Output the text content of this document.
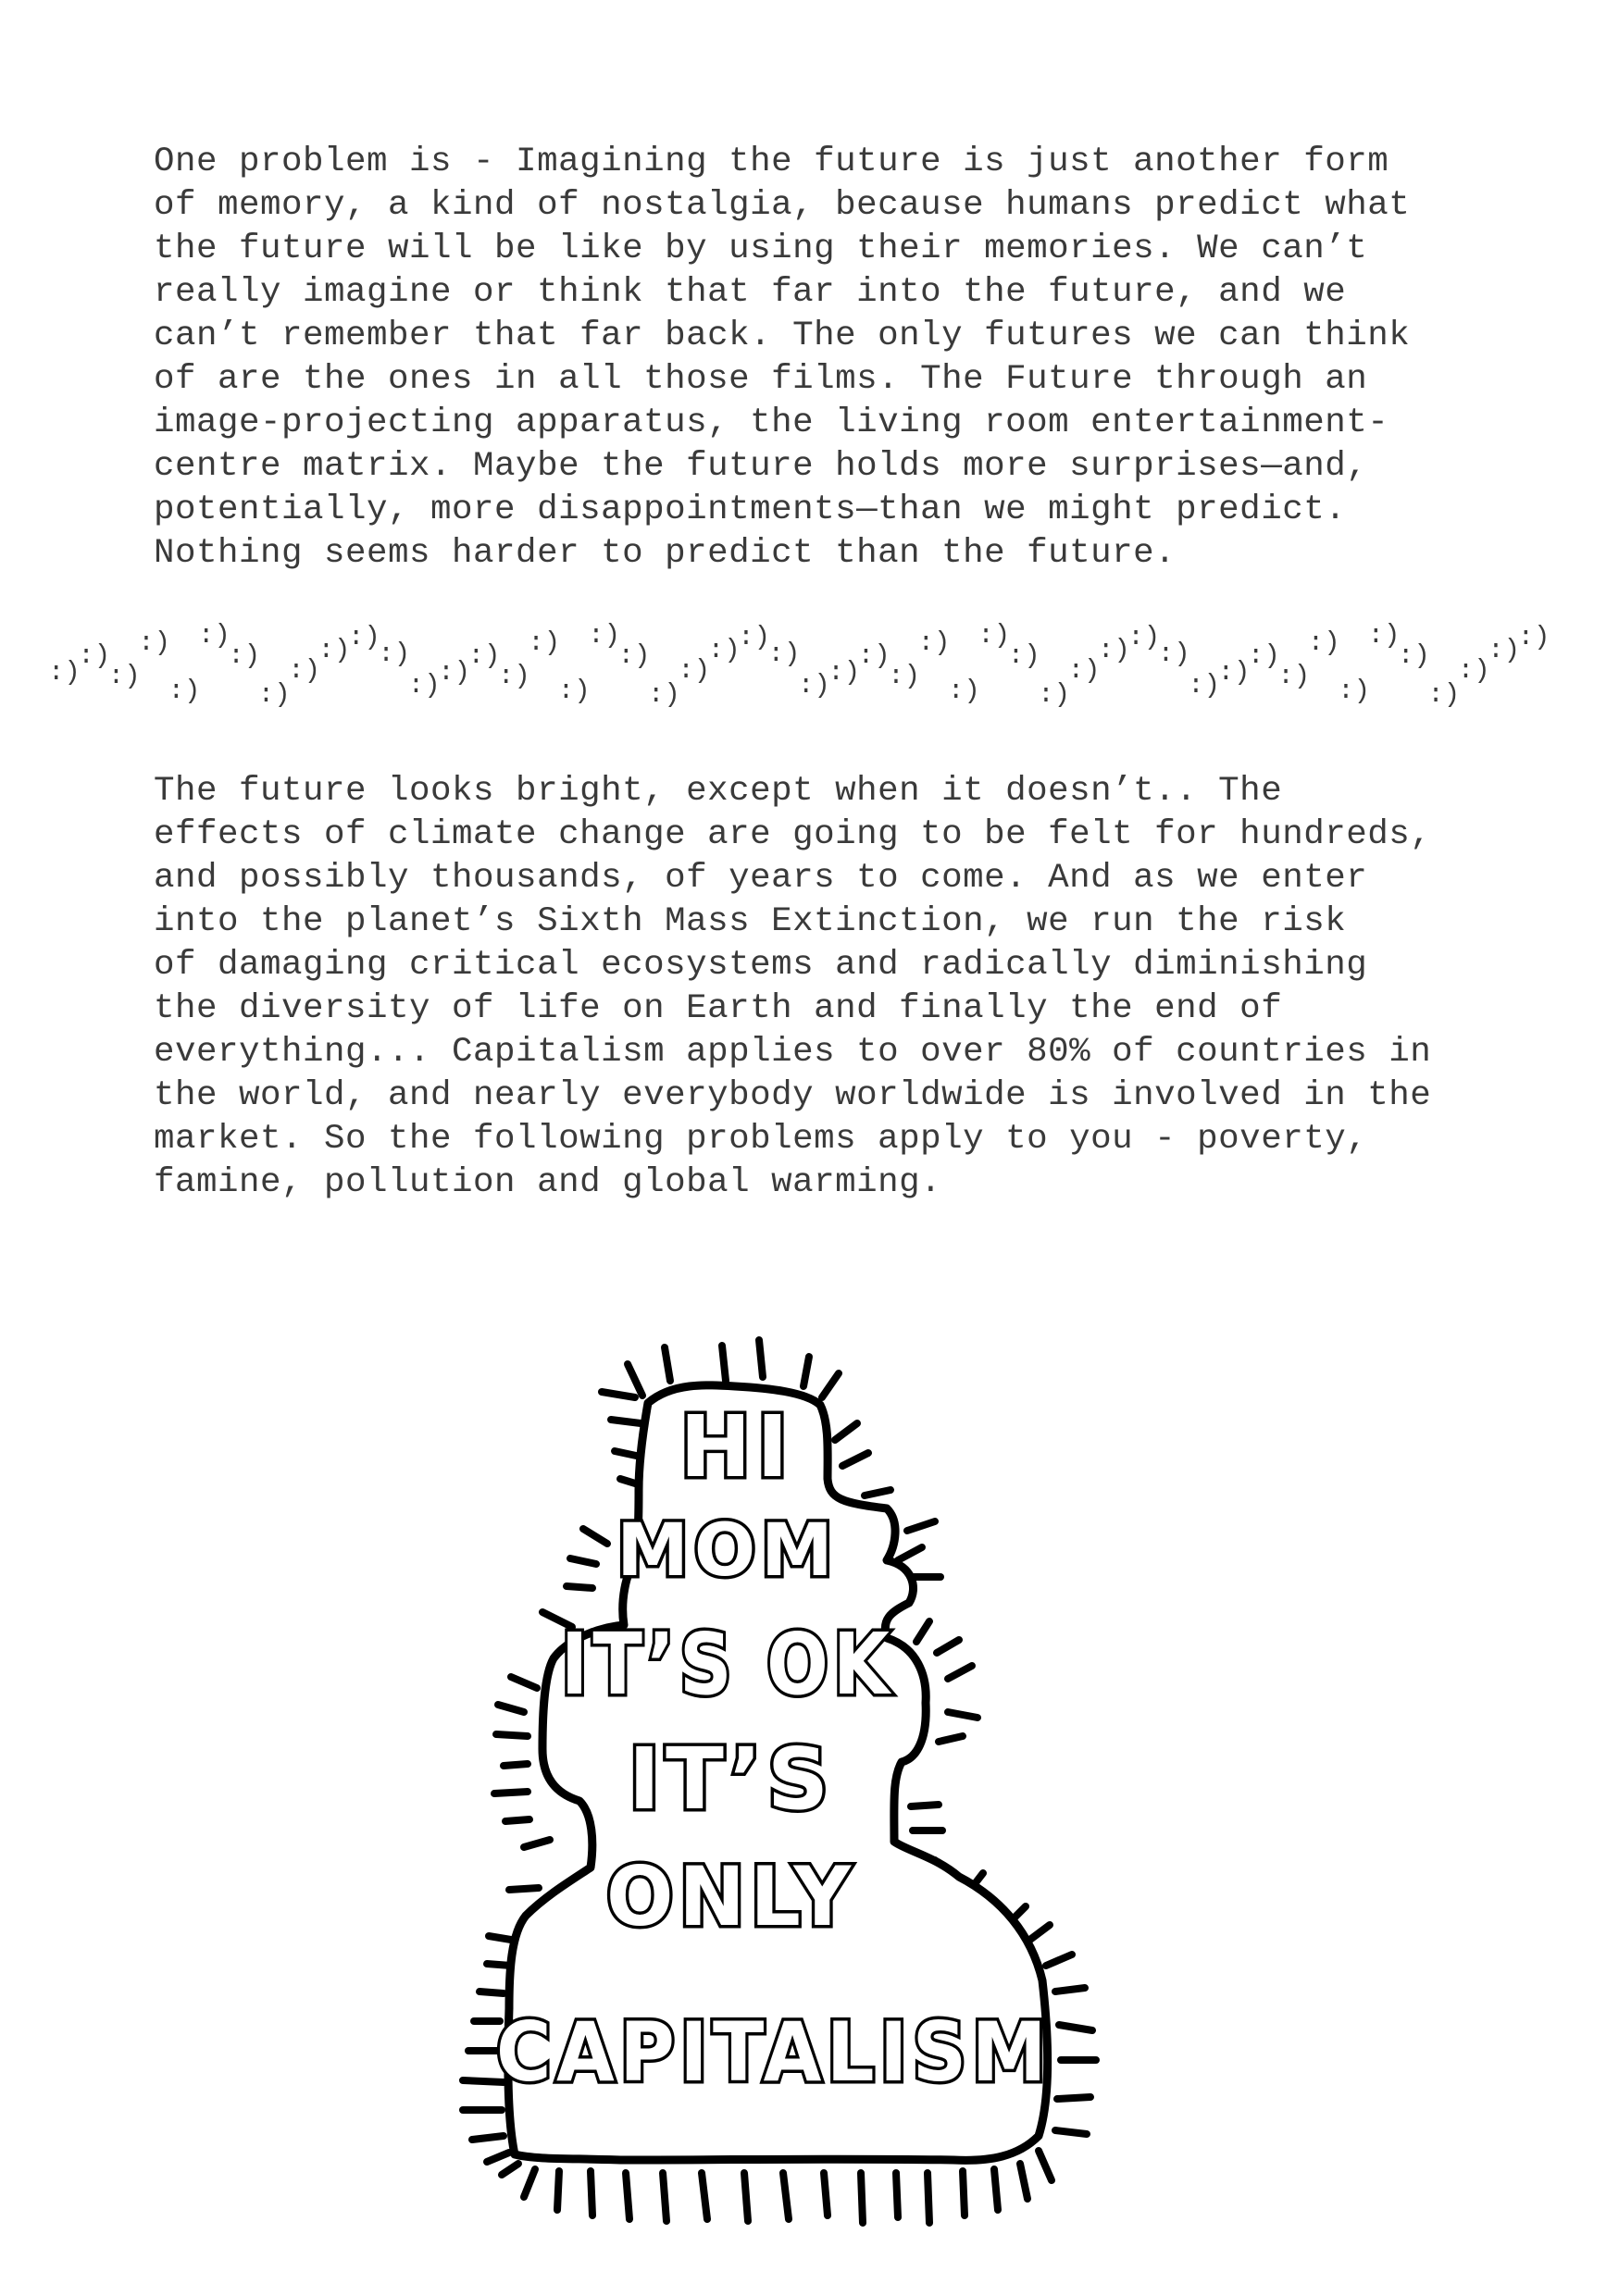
One problem is - Imagining the future is just another form
of memory, a kind of nostalgia, because humans predict what
the future will be like by using their memories. We can’t
really imagine or think that far into the future, and we
can’t remember that far back. The only futures we can think
of are the ones in all those films. The Future through an
image-projecting apparatus, the living room entertainment-
centre matrix. Maybe the future holds more surprises—and,
potentially, more disappointments—than we might predict.
Nothing seems harder to predict than the future.

:)
:)
:)
:)
:)
:)
:)
:)
:)
:)
:)
:)
:)
:)
:)
:)
:)
:)
:)
:)
:)
:)
:)
:)
:)
:)
:)
:)
:)
:)
:)
:)
:)
:)
:)
:)
:)
:)
:)
:)
:)
:)
:)
:)
:)
:)
:)
:)
:)
:)

The future looks bright, except when it doesn’t.. The
effects of climate change are going to be felt for hundreds,
and possibly thousands, of years to come. And as we enter
into the planet’s Sixth Mass Extinction, we run the risk
of damaging critical ecosystems and radically diminishing
the diversity of life on Earth and finally the end of
everything... Capitalism applies to over 80% of countries in
the world, and nearly everybody worldwide is involved in the
market. So the following problems apply to you - poverty,
famine, pollution and global warming.

HI
MOM
IT’S OK
IT’S
ONLY
CAPITALISM
